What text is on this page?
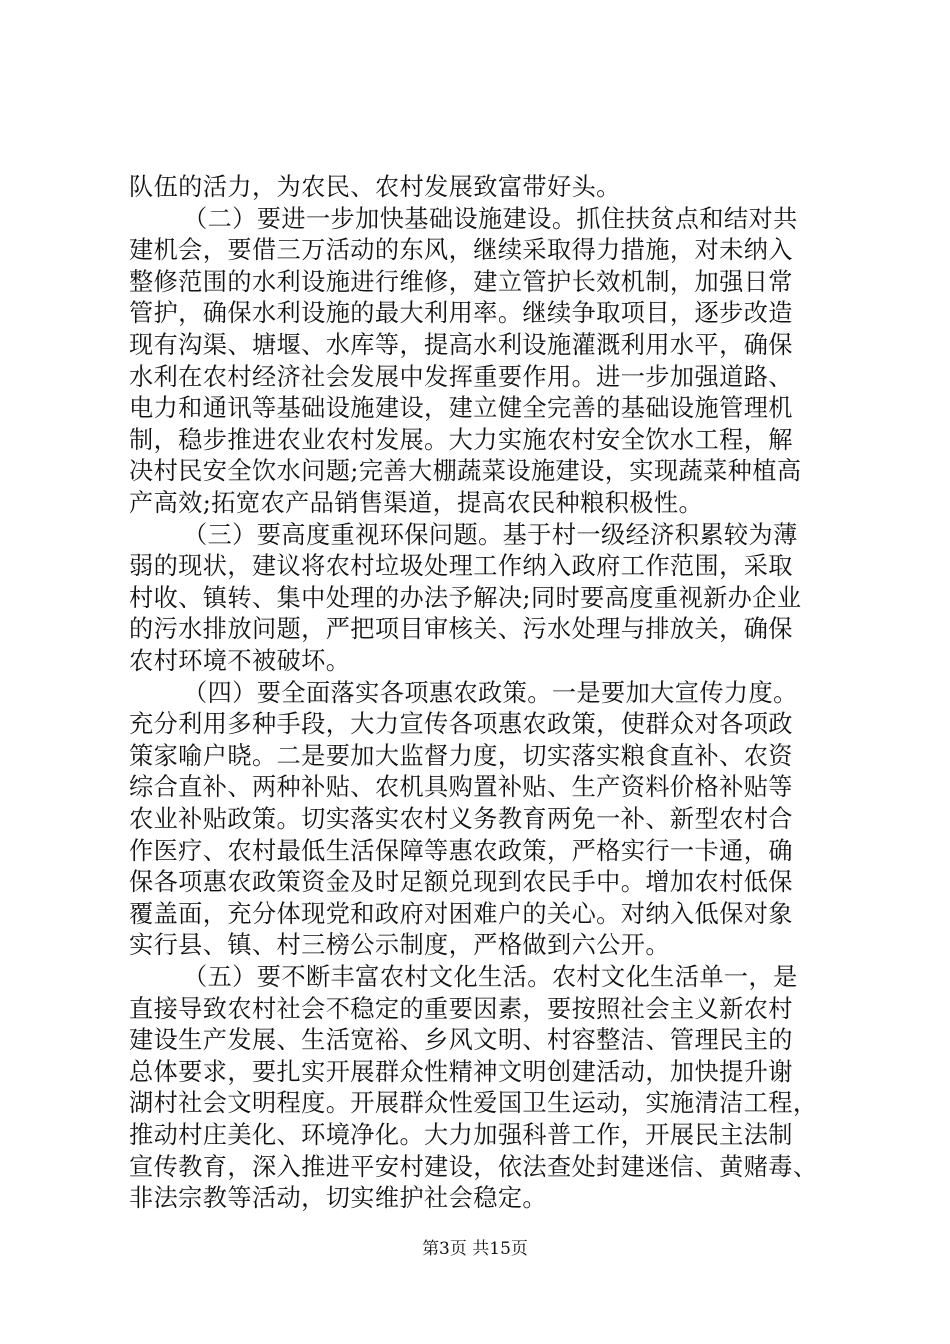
队伍的活力，为农民、农村发展致富带好头。
（二）要进一步加快基础设施建设。抓住扶贫点和结对共
建机会，要借三万活动的东风，继续采取得力措施，对未纳入
整修范围的水利设施进行维修，建立管护长效机制，加强日常
管护，确保水利设施的最大利用率。继续争取项目，逐步改造
现有沟渠、塘堰、水库等，提高水利设施灌溉利用水平，确保
水利在农村经济社会发展中发挥重要作用。进一步加强道路、
电力和通讯等基础设施建设，建立健全完善的基础设施管理机
制，稳步推进农业农村发展。大力实施农村安全饮水工程，解
决村民安全饮水问题;完善大棚蔬菜设施建设，实现蔬菜种植高
产高效;拓宽农产品销售渠道，提高农民种粮积极性。
（三）要高度重视环保问题。基于村一级经济积累较为薄
弱的现状，建议将农村垃圾处理工作纳入政府工作范围，采取
村收、镇转、集中处理的办法予解决;同时要高度重视新办企业
的污水排放问题，严把项目审核关、污水处理与排放关，确保
农村环境不被破坏。
（四）要全面落实各项惠农政策。一是要加大宣传力度。
充分利用多种手段，大力宣传各项惠农政策，使群众对各项政
策家喻户晓。二是要加大监督力度，切实落实粮食直补、农资
综合直补、两种补贴、农机具购置补贴、生产资料价格补贴等
农业补贴政策。切实落实农村义务教育两免一补、新型农村合
作医疗、农村最低生活保障等惠农政策，严格实行一卡通，确
保各项惠农政策资金及时足额兑现到农民手中。增加农村低保
覆盖面，充分体现党和政府对困难户的关心。对纳入低保对象
实行县、镇、村三榜公示制度，严格做到六公开。
（五）要不断丰富农村文化生活。农村文化生活单一，是
直接导致农村社会不稳定的重要因素，要按照社会主义新农村
建设生产发展、生活宽裕、乡风文明、村容整洁、管理民主的
总体要求，要扎实开展群众性精神文明创建活动，加快提升谢
湖村社会文明程度。开展群众性爱国卫生运动，实施清洁工程，
推动村庄美化、环境净化。大力加强科普工作，开展民主法制
宣传教育，深入推进平安村建设，依法查处封建迷信、黄赌毒、
非法宗教等活动，切实维护社会稳定。
第3页 共15页
